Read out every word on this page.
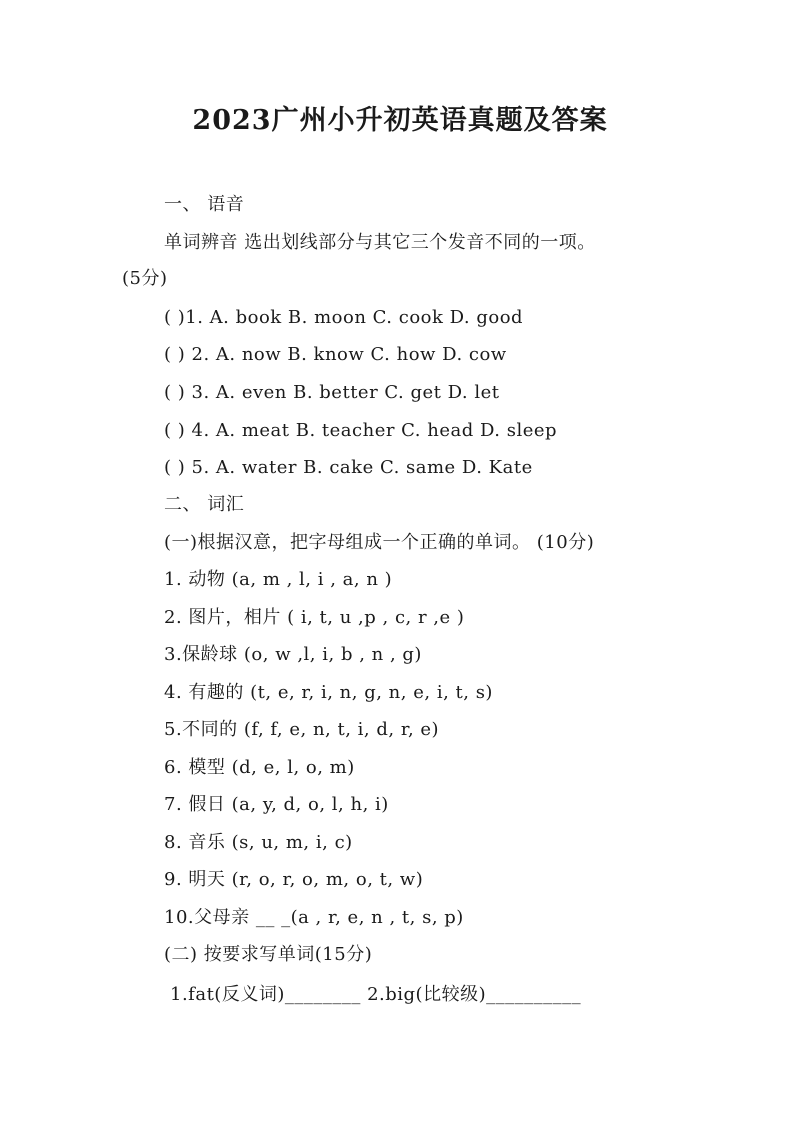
2023广州小升初英语真题及答案
一、 语音
单词辨音 选出划线部分与其它三个发音不同的一项。
(5分)
( )1. A. book B. moon C. cook D. good
( ) 2. A. now B. know C. how D. cow
( ) 3. A. even B. better C. get D. let
( ) 4. A. meat B. teacher C. head D. sleep
( ) 5. A. water B. cake C. same D. Kate
二、 词汇
(一)根据汉意，把字母组成一个正确的单词。 (10分)
1. 动物 (a, m , l, i , a, n )
2. 图片，相片 ( i, t, u ,p , c, r ,e )
3.保龄球 (o, w ,l, i, b , n , g)
4. 有趣的 (t, e, r, i, n, g, n, e, i, t, s)
5.不同的 (f, f, e, n, t, i, d, r, e)
6. 模型 (d, e, l, o, m)
7. 假日 (a, y, d, o, l, h, i)
8. 音乐 (s, u, m, i, c)
9. 明天 (r, o, r, o, m, o, t, w)
10.父母亲 __ _(a , r, e, n , t, s, p)
(二) 按要求写单词(15分)
1.fat(反义词)________ 2.big(比较级)__________
